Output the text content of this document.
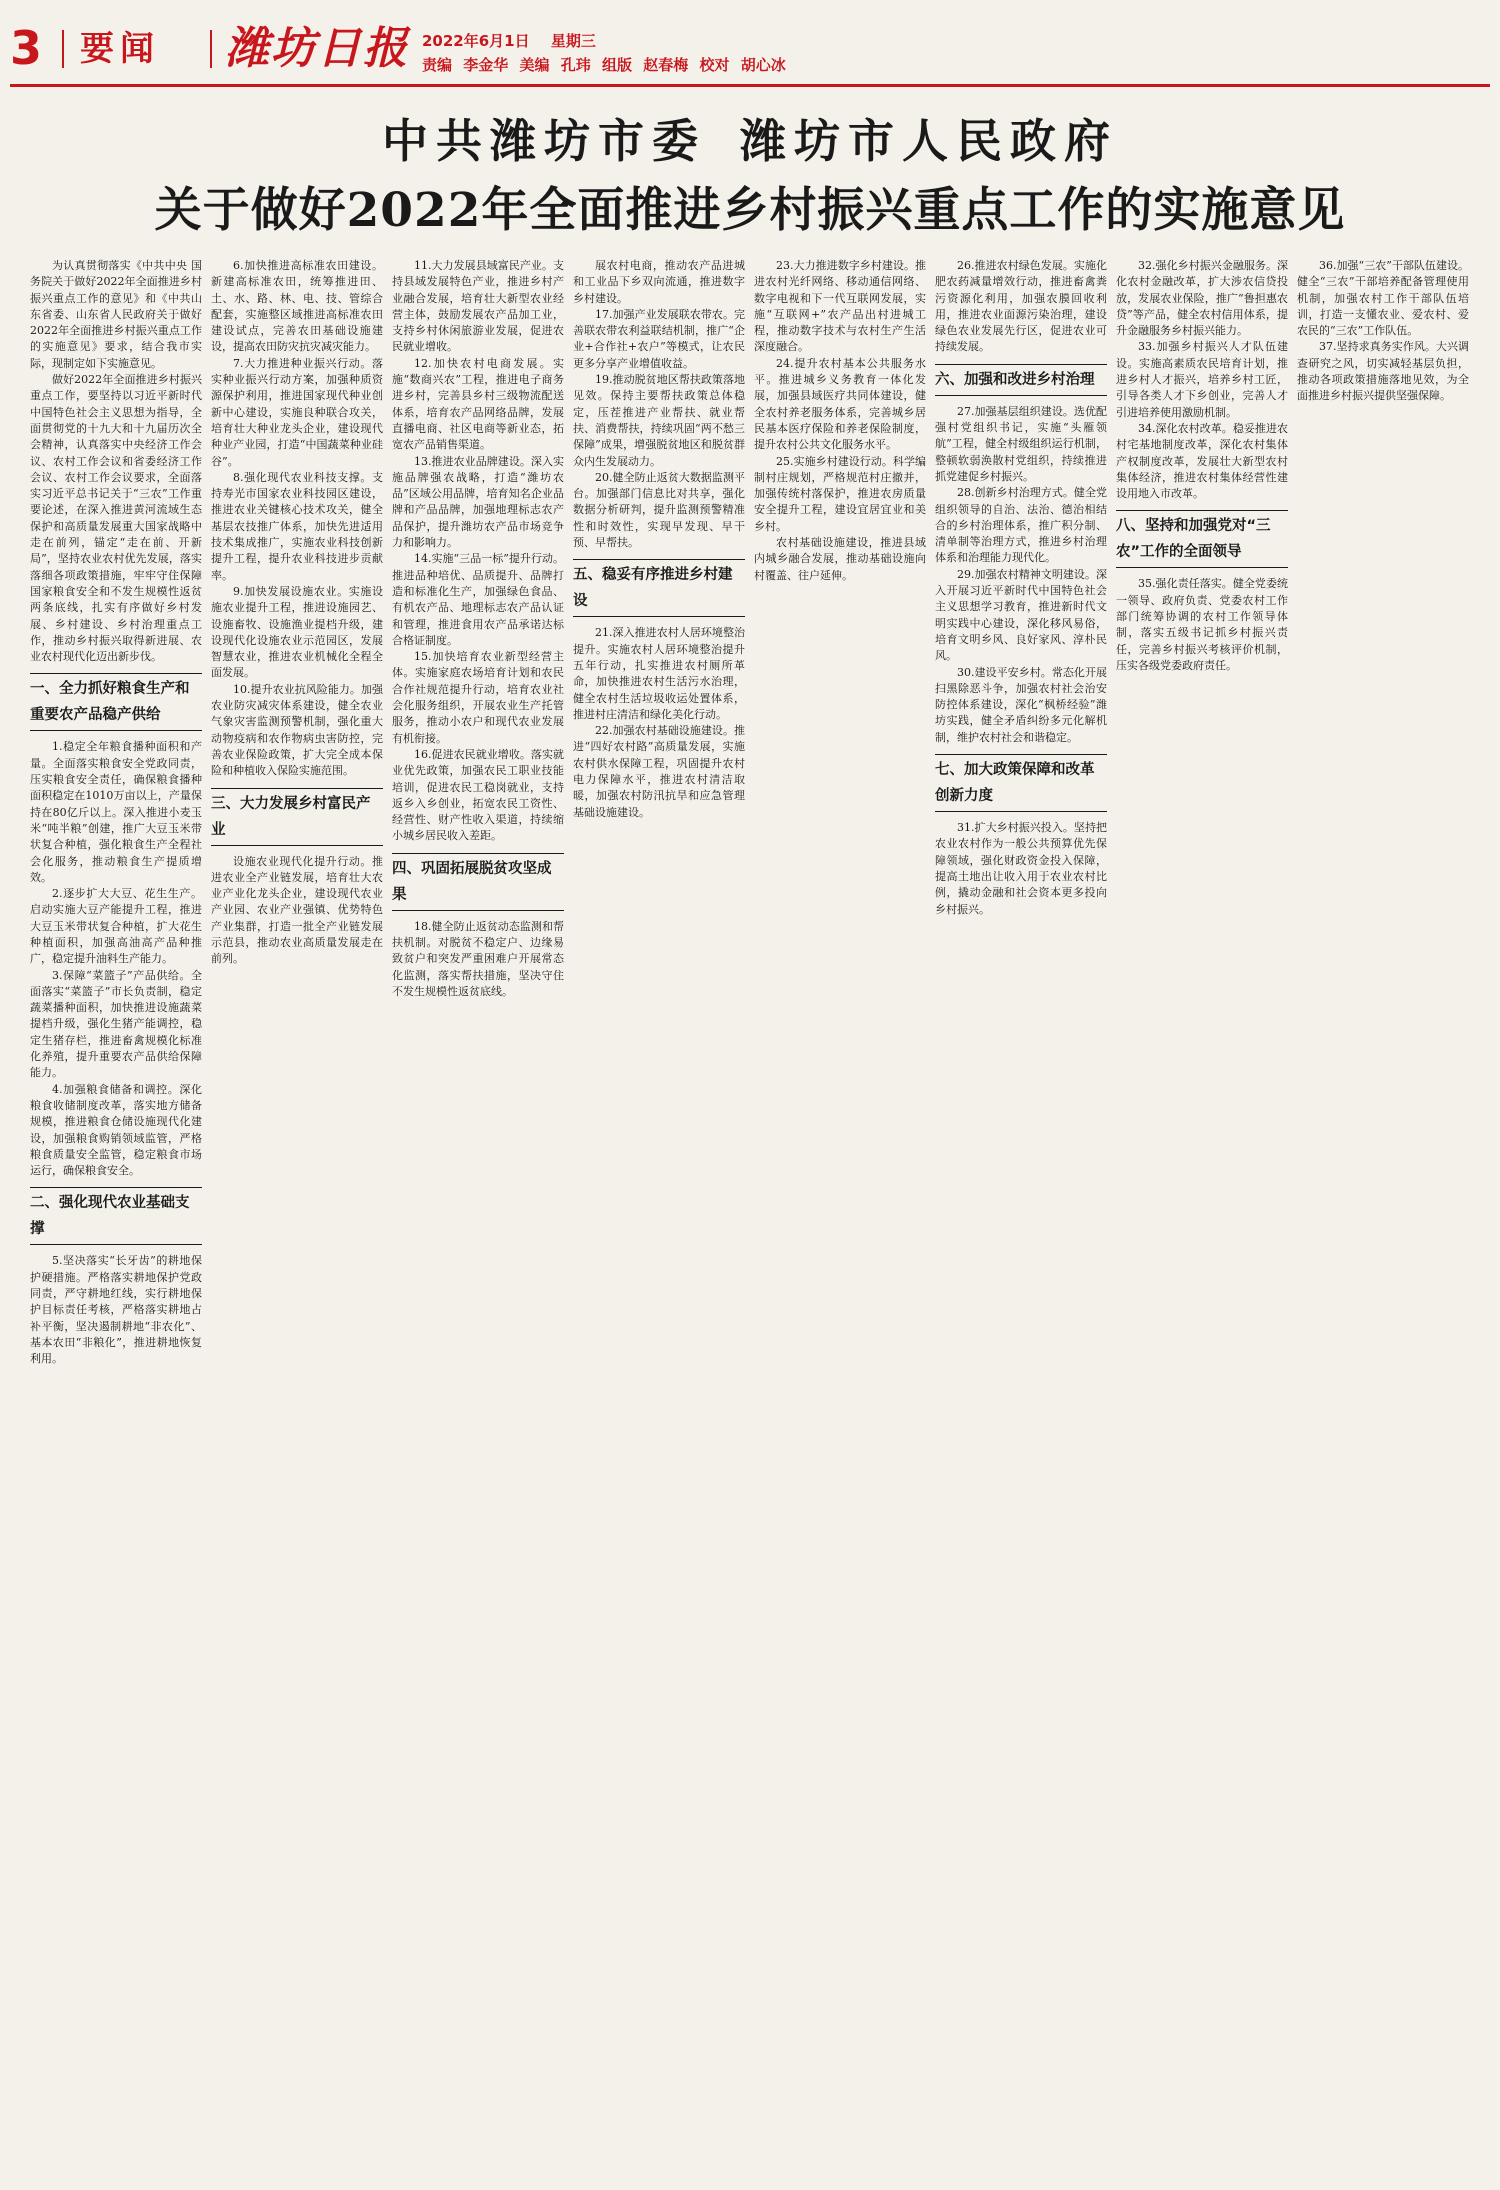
3 要闻 潍坊日报 2022年6月1日 星期三
责编 李金华 美编 孔玮 组版 赵春梅 校对 胡心冰
中共潍坊市委 潍坊市人民政府
关于做好2022年全面推进乡村振兴重点工作的实施意见

为认真贯彻落实《中共中央 国务院关于做好2022年全面推进乡村振兴重点工作的意见》和《中共山东省委、山东省人民政府关于做好2022年全面推进乡村振兴重点工作的实施意见》要求，结合我市实际，现制定如下实施意见。

做好2022年全面推进乡村振兴重点工作，要坚持以习近平新时代中国特色社会主义思想为指导，全面贯彻党的十九大和十九届历次全会精神，认真落实中央经济工作会议、农村工作会议和省委经济工作会议、农村工作会议要求，全面落实习近平总书记关于“三农”工作重要论述，在深入推进黄河流域生态保护和高质量发展重大国家战略中走在前列，锚定“走在前、开新局”，坚持农业农村优先发展，落实落细各项政策措施，牢牢守住保障国家粮食安全和不发生规模性返贫两条底线，扎实有序做好乡村发展、乡村建设、乡村治理重点工作，推动乡村振兴取得新进展、农业农村现代化迈出新步伐。

一、全力抓好粮食生产和重要农产品稳产供给

1.稳定全年粮食播种面积和产量。全面落实粮食安全党政同责，压实粮食安全责任，确保粮食播种面积稳定在1010万亩以上，产量保持在80亿斤以上。深入推进小麦玉米“吨半粮”创建，推广大豆玉米带状复合种植，强化粮食生产全程社会化服务，推动粮食生产提质增效。

2.逐步扩大大豆、花生生产。启动实施大豆产能提升工程，推进大豆玉米带状复合种植，扩大花生种植面积，加强高油高产品种推广，稳定提升油料生产能力。

3.保障“菜篮子”产品供给。全面落实“菜篮子”市长负责制，稳定蔬菜播种面积，加快推进设施蔬菜提档升级，强化生猪产能调控，稳定生猪存栏，推进畜禽规模化标准化养殖，提升重要农产品供给保障能力。

4.加强粮食储备和调控。深化粮食收储制度改革，落实地方储备规模，推进粮食仓储设施现代化建设，加强粮食购销领域监管，严格粮食质量安全监管，稳定粮食市场运行，确保粮食安全。

二、强化现代农业基础支撑

5.坚决落实“长牙齿”的耕地保护硬措施。严格落实耕地保护党政同责，严守耕地红线，实行耕地保护目标责任考核，严格落实耕地占补平衡，坚决遏制耕地“非农化”、基本农田“非粮化”，推进耕地恢复利用。

6.加快推进高标准农田建设。新建高标准农田，统筹推进田、土、水、路、林、电、技、管综合配套，实施整区域推进高标准农田建设试点，完善农田基础设施建设，提高农田防灾抗灾减灾能力。

7.大力推进种业振兴行动。落实种业振兴行动方案，加强种质资源保护利用，推进国家现代种业创新中心建设，实施良种联合攻关，培育壮大种业龙头企业，建设现代种业产业园，打造“中国蔬菜种业硅谷”。

8.强化现代农业科技支撑。支持寿光市国家农业科技园区建设，推进农业关键核心技术攻关，健全基层农技推广体系，加快先进适用技术集成推广，实施农业科技创新提升工程，提升农业科技进步贡献率。

9.加快发展设施农业。实施设施农业提升工程，推进设施园艺、设施畜牧、设施渔业提档升级，建设现代化设施农业示范园区，发展智慧农业，推进农业机械化全程全面发展。

10.提升农业抗风险能力。加强农业防灾减灾体系建设，健全农业气象灾害监测预警机制，强化重大动物疫病和农作物病虫害防控，完善农业保险政策，扩大完全成本保险和种植收入保险实施范围。

三、大力发展乡村富民产业

设施农业现代化提升行动。推进农业全产业链发展，培育壮大农业产业化龙头企业，建设现代农业产业园、农业产业强镇、优势特色产业集群，打造一批全产业链发展示范县，推动农业高质量发展走在前列。

11.大力发展县域富民产业。支持县域发展特色产业，推进乡村产业融合发展，培育壮大新型农业经营主体，鼓励发展农产品加工业，支持乡村休闲旅游业发展，促进农民就业增收。

12.加快农村电商发展。实施“数商兴农”工程，推进电子商务进乡村，完善县乡村三级物流配送体系，培育农产品网络品牌，发展直播电商、社区电商等新业态，拓宽农产品销售渠道。

13.推进农业品牌建设。深入实施品牌强农战略，打造“潍坊农品”区域公用品牌，培育知名企业品牌和产品品牌，加强地理标志农产品保护，提升潍坊农产品市场竞争力和影响力。

14.实施“三品一标”提升行动。推进品种培优、品质提升、品牌打造和标准化生产，加强绿色食品、有机农产品、地理标志农产品认证和管理，推进食用农产品承诺达标合格证制度。

15.加快培育农业新型经营主体。实施家庭农场培育计划和农民合作社规范提升行动，培育农业社会化服务组织，开展农业生产托管服务，推动小农户和现代农业发展有机衔接。

16.促进农民就业增收。落实就业优先政策，加强农民工职业技能培训，促进农民工稳岗就业，支持返乡入乡创业，拓宽农民工资性、经营性、财产性收入渠道，持续缩小城乡居民收入差距。

四、巩固拓展脱贫攻坚成果

18.健全防止返贫动态监测和帮扶机制。对脱贫不稳定户、边缘易致贫户和突发严重困难户开展常态化监测，落实帮扶措施，坚决守住不发生规模性返贫底线。

展农村电商，推动农产品进城和工业品下乡双向流通，推进数字乡村建设。

17.加强产业发展联农带农。完善联农带农利益联结机制，推广“企业+合作社+农户”等模式，让农民更多分享产业增值收益。

19.推动脱贫地区帮扶政策落地见效。保持主要帮扶政策总体稳定，压茬推进产业帮扶、就业帮扶、消费帮扶，持续巩固“两不愁三保障”成果，增强脱贫地区和脱贫群众内生发展动力。

20.健全防止返贫大数据监测平台。加强部门信息比对共享，强化数据分析研判，提升监测预警精准性和时效性，实现早发现、早干预、早帮扶。

五、稳妥有序推进乡村建设

21.深入推进农村人居环境整治提升。实施农村人居环境整治提升五年行动，扎实推进农村厕所革命，加快推进农村生活污水治理，健全农村生活垃圾收运处置体系，推进村庄清洁和绿化美化行动。

22.加强农村基础设施建设。推进“四好农村路”高质量发展，实施农村供水保障工程，巩固提升农村电力保障水平，推进农村清洁取暖，加强农村防汛抗旱和应急管理基础设施建设。

23.大力推进数字乡村建设。推进农村光纤网络、移动通信网络、数字电视和下一代互联网发展，实施“互联网+”农产品出村进城工程，推动数字技术与农村生产生活深度融合。

24.提升农村基本公共服务水平。推进城乡义务教育一体化发展，加强县域医疗共同体建设，健全农村养老服务体系，完善城乡居民基本医疗保险和养老保险制度，提升农村公共文化服务水平。

25.实施乡村建设行动。科学编制村庄规划，严格规范村庄撤并，加强传统村落保护，推进农房质量安全提升工程，建设宜居宜业和美乡村。

农村基础设施建设，推进县域内城乡融合发展，推动基础设施向村覆盖、往户延伸。

26.推进农村绿色发展。实施化肥农药减量增效行动，推进畜禽粪污资源化利用，加强农膜回收利用，推进农业面源污染治理，建设绿色农业发展先行区，促进农业可持续发展。

六、加强和改进乡村治理

27.加强基层组织建设。选优配强村党组织书记，实施“头雁领航”工程，健全村级组织运行机制，整顿软弱涣散村党组织，持续推进抓党建促乡村振兴。

28.创新乡村治理方式。健全党组织领导的自治、法治、德治相结合的乡村治理体系，推广积分制、清单制等治理方式，推进乡村治理体系和治理能力现代化。

29.加强农村精神文明建设。深入开展习近平新时代中国特色社会主义思想学习教育，推进新时代文明实践中心建设，深化移风易俗，培育文明乡风、良好家风、淳朴民风。

30.建设平安乡村。常态化开展扫黑除恶斗争，加强农村社会治安防控体系建设，深化“枫桥经验”潍坊实践，健全矛盾纠纷多元化解机制，维护农村社会和谐稳定。

七、加大政策保障和改革创新力度

31.扩大乡村振兴投入。坚持把农业农村作为一般公共预算优先保障领域，强化财政资金投入保障，提高土地出让收入用于农业农村比例，撬动金融和社会资本更多投向乡村振兴。

32.强化乡村振兴金融服务。深化农村金融改革，扩大涉农信贷投放，发展农业保险，推广“鲁担惠农贷”等产品，健全农村信用体系，提升金融服务乡村振兴能力。

33.加强乡村振兴人才队伍建设。实施高素质农民培育计划，推进乡村人才振兴，培养乡村工匠，引导各类人才下乡创业，完善人才引进培养使用激励机制。

34.深化农村改革。稳妥推进农村宅基地制度改革，深化农村集体产权制度改革，发展壮大新型农村集体经济，推进农村集体经营性建设用地入市改革。

八、坚持和加强党对“三农”工作的全面领导

35.强化责任落实。健全党委统一领导、政府负责、党委农村工作部门统筹协调的农村工作领导体制，落实五级书记抓乡村振兴责任，完善乡村振兴考核评价机制，压实各级党委政府责任。

36.加强“三农”干部队伍建设。健全“三农”干部培养配备管理使用机制，加强农村工作干部队伍培训，打造一支懂农业、爱农村、爱农民的“三农”工作队伍。

37.坚持求真务实作风。大兴调查研究之风，切实减轻基层负担，推动各项政策措施落地见效，为全面推进乡村振兴提供坚强保障。
